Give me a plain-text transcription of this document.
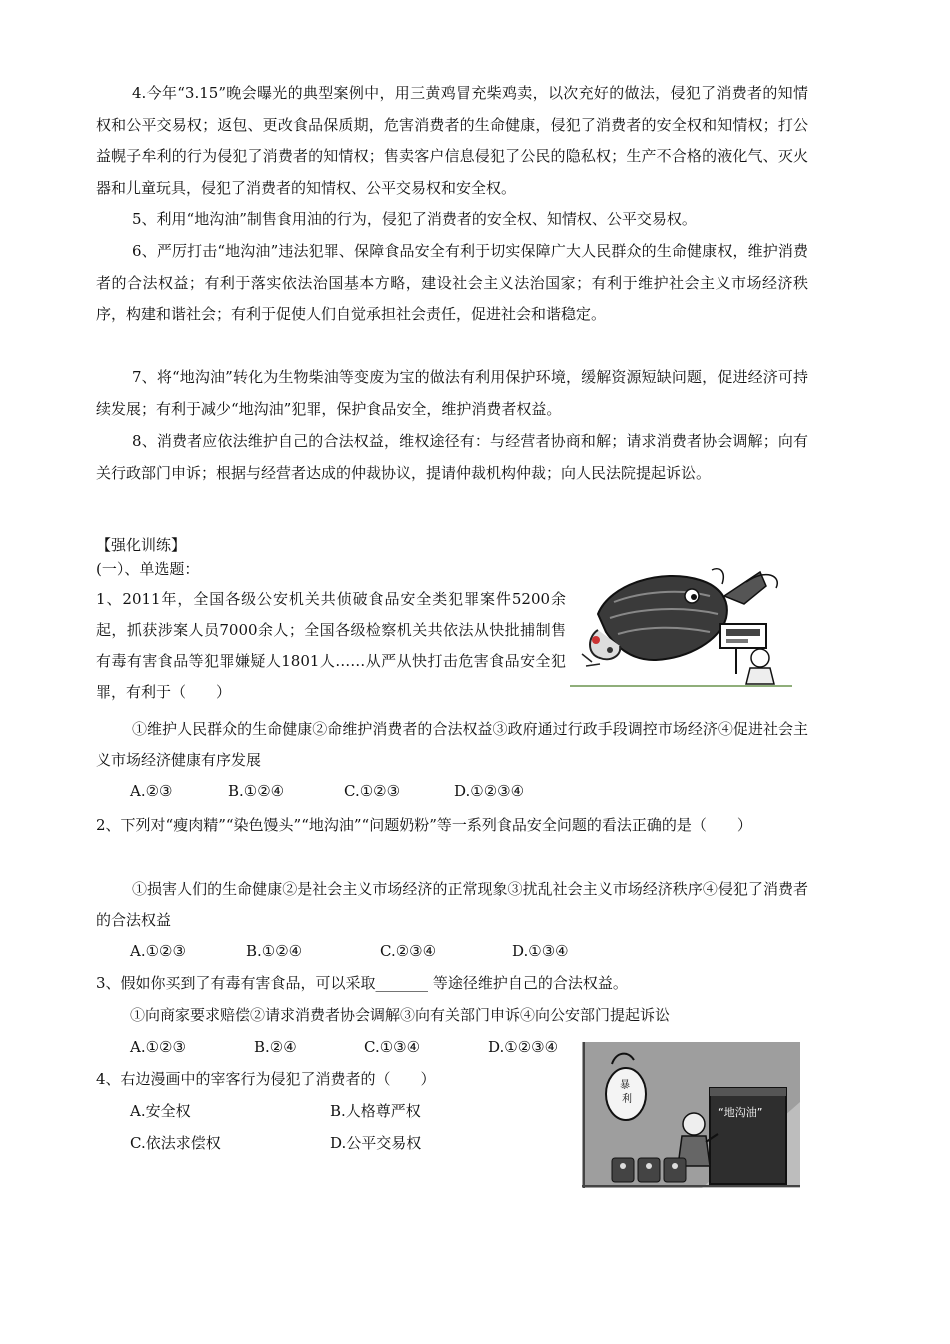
4.今年“3.15”晚会曝光的典型案例中，用三黄鸡冒充柴鸡卖，以次充好的做法，侵犯了消费者的知情权和公平交易权；返包、更改食品保质期，危害消费者的生命健康，侵犯了消费者的安全权和知情权；打公益幌子牟利的行为侵犯了消费者的知情权；售卖客户信息侵犯了公民的隐私权；生产不合格的液化气、灭火器和儿童玩具，侵犯了消费者的知情权、公平交易权和安全权。

5、利用“地沟油”制售食用油的行为，侵犯了消费者的安全权、知情权、公平交易权。

6、严厉打击“地沟油”违法犯罪、保障食品安全有利于切实保障广大人民群众的生命健康权，维护消费者的合法权益；有利于落实依法治国基本方略，建设社会主义法治国家；有利于维护社会主义市场经济秩序，构建和谐社会；有利于促使人们自觉承担社会责任，促进社会和谐稳定。

7、将“地沟油”转化为生物柴油等变废为宝的做法有利用保护环境，缓解资源短缺问题，促进经济可持续发展；有利于减少“地沟油”犯罪，保护食品安全，维护消费者权益。

8、消费者应依法维护自己的合法权益，维权途径有：与经营者协商和解；请求消费者协会调解；向有关行政部门申诉；根据与经营者达成的仲裁协议，提请仲裁机构仲裁；向人民法院提起诉讼。

【强化训练】

(一）、单选题：

1、2011年，全国各级公安机关共侦破食品安全类犯罪案件5200余起，抓获涉案人员7000余人；全国各级检察机关共依法从快批捕制售有毒有害食品等犯罪嫌疑人1801人……从严从快打击危害食品安全犯罪，有利于（　　）

①维护人民群众的生命健康②命维护消费者的合法权益③政府通过行政手段调控市场经济④促进社会主义市场经济健康有序发展

A.②③	B.①②④	C.①②③	D.①②③④

2、下列对“瘦肉精”“染色馒头”“地沟油”“问题奶粉”等一系列食品安全问题的看法正确的是（　　）

①损害人们的生命健康②是社会主义市场经济的正常现象③扰乱社会主义市场经济秩序④侵犯了消费者的合法权益

A.①②③	B.①②④	C.②③④	D.①③④

3、假如你买到了有毒有害食品，可以采取_______ 等途径维护自己的合法权益。

①向商家要求赔偿②请求消费者协会调解③向有关部门申诉④向公安部门提起诉讼

A.①②③	B.②④	C.①③④	D.①②③④

4、右边漫画中的宰客行为侵犯了消费者的（　　）

A.安全权	B.人格尊严权
C.依法求偿权	D.公平交易权
暴
利
“地沟油”
